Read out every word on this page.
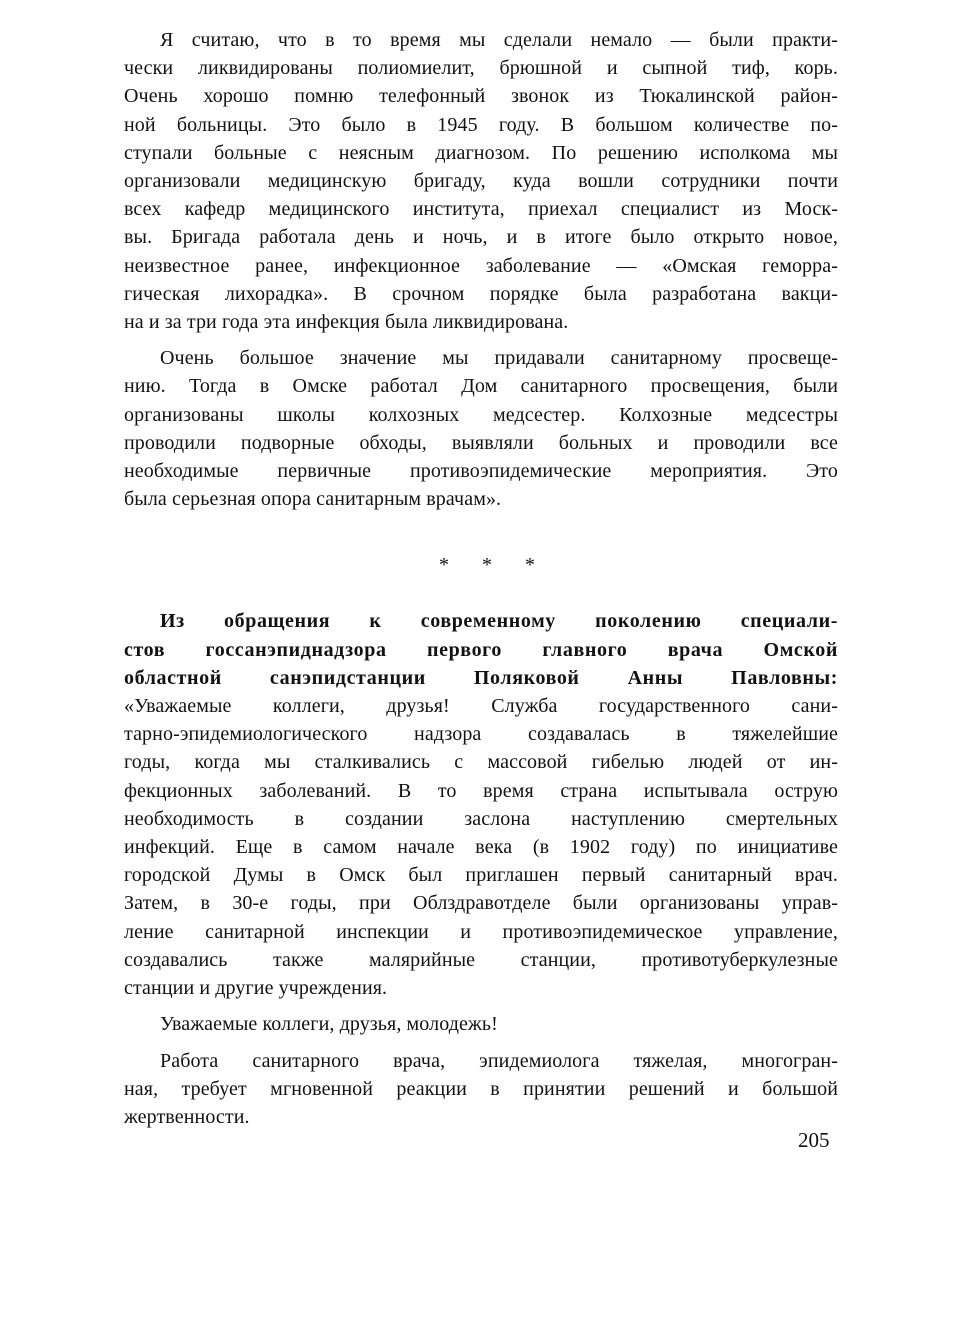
Я считаю, что в то время мы сделали немало — были практи-
чески ликвидированы полиомиелит, брюшной и сыпной тиф, корь.
Очень хорошо помню телефонный звонок из Тюкалинской район-
ной больницы. Это было в 1945 году. В большом количестве по-
ступали больные с неясным диагнозом. По решению исполкома мы
организовали медицинскую бригаду, куда вошли сотрудники почти
всех кафедр медицинского института, приехал специалист из Моск-
вы. Бригада работала день и ночь, и в итоге было открыто новое,
неизвестное ранее, инфекционное заболевание — «Омская геморра-
гическая лихорадка». В срочном порядке была разработана вакци-
на и за три года эта инфекция была ликвидирована.
Очень большое значение мы придавали санитарному просвеще-
нию. Тогда в Омске работал Дом санитарного просвещения, были
организованы школы колхозных медсестер. Колхозные медсестры
проводили подворные обходы, выявляли больных и проводили все
необходимые первичные противоэпидемические мероприятия. Это
была серьезная опора санитарным врачам».
* * *
Из обращения к современному поколению специали-
стов госсанэпиднадзора первого главного врача Омской
областной санэпидстанции Поляковой Анны Павловны:
«Уважаемые коллеги, друзья! Служба государственного сани-
тарно-эпидемиологического надзора создавалась в тяжелейшие
годы, когда мы сталкивались с массовой гибелью людей от ин-
фекционных заболеваний. В то время страна испытывала острую
необходимость в создании заслона наступлению смертельных
инфекций. Еще в самом начале века (в 1902 году) по инициативе
городской Думы в Омск был приглашен первый санитарный врач.
Затем, в 30-е годы, при Облздравотделе были организованы управ-
ление санитарной инспекции и противоэпидемическое управление,
создавались также малярийные станции, противотуберкулезные
станции и другие учреждения.
Уважаемые коллеги, друзья, молодежь!
Работа санитарного врача, эпидемиолога тяжелая, многогран-
ная, требует мгновенной реакции в принятии решений и большой
жертвенности.
205
